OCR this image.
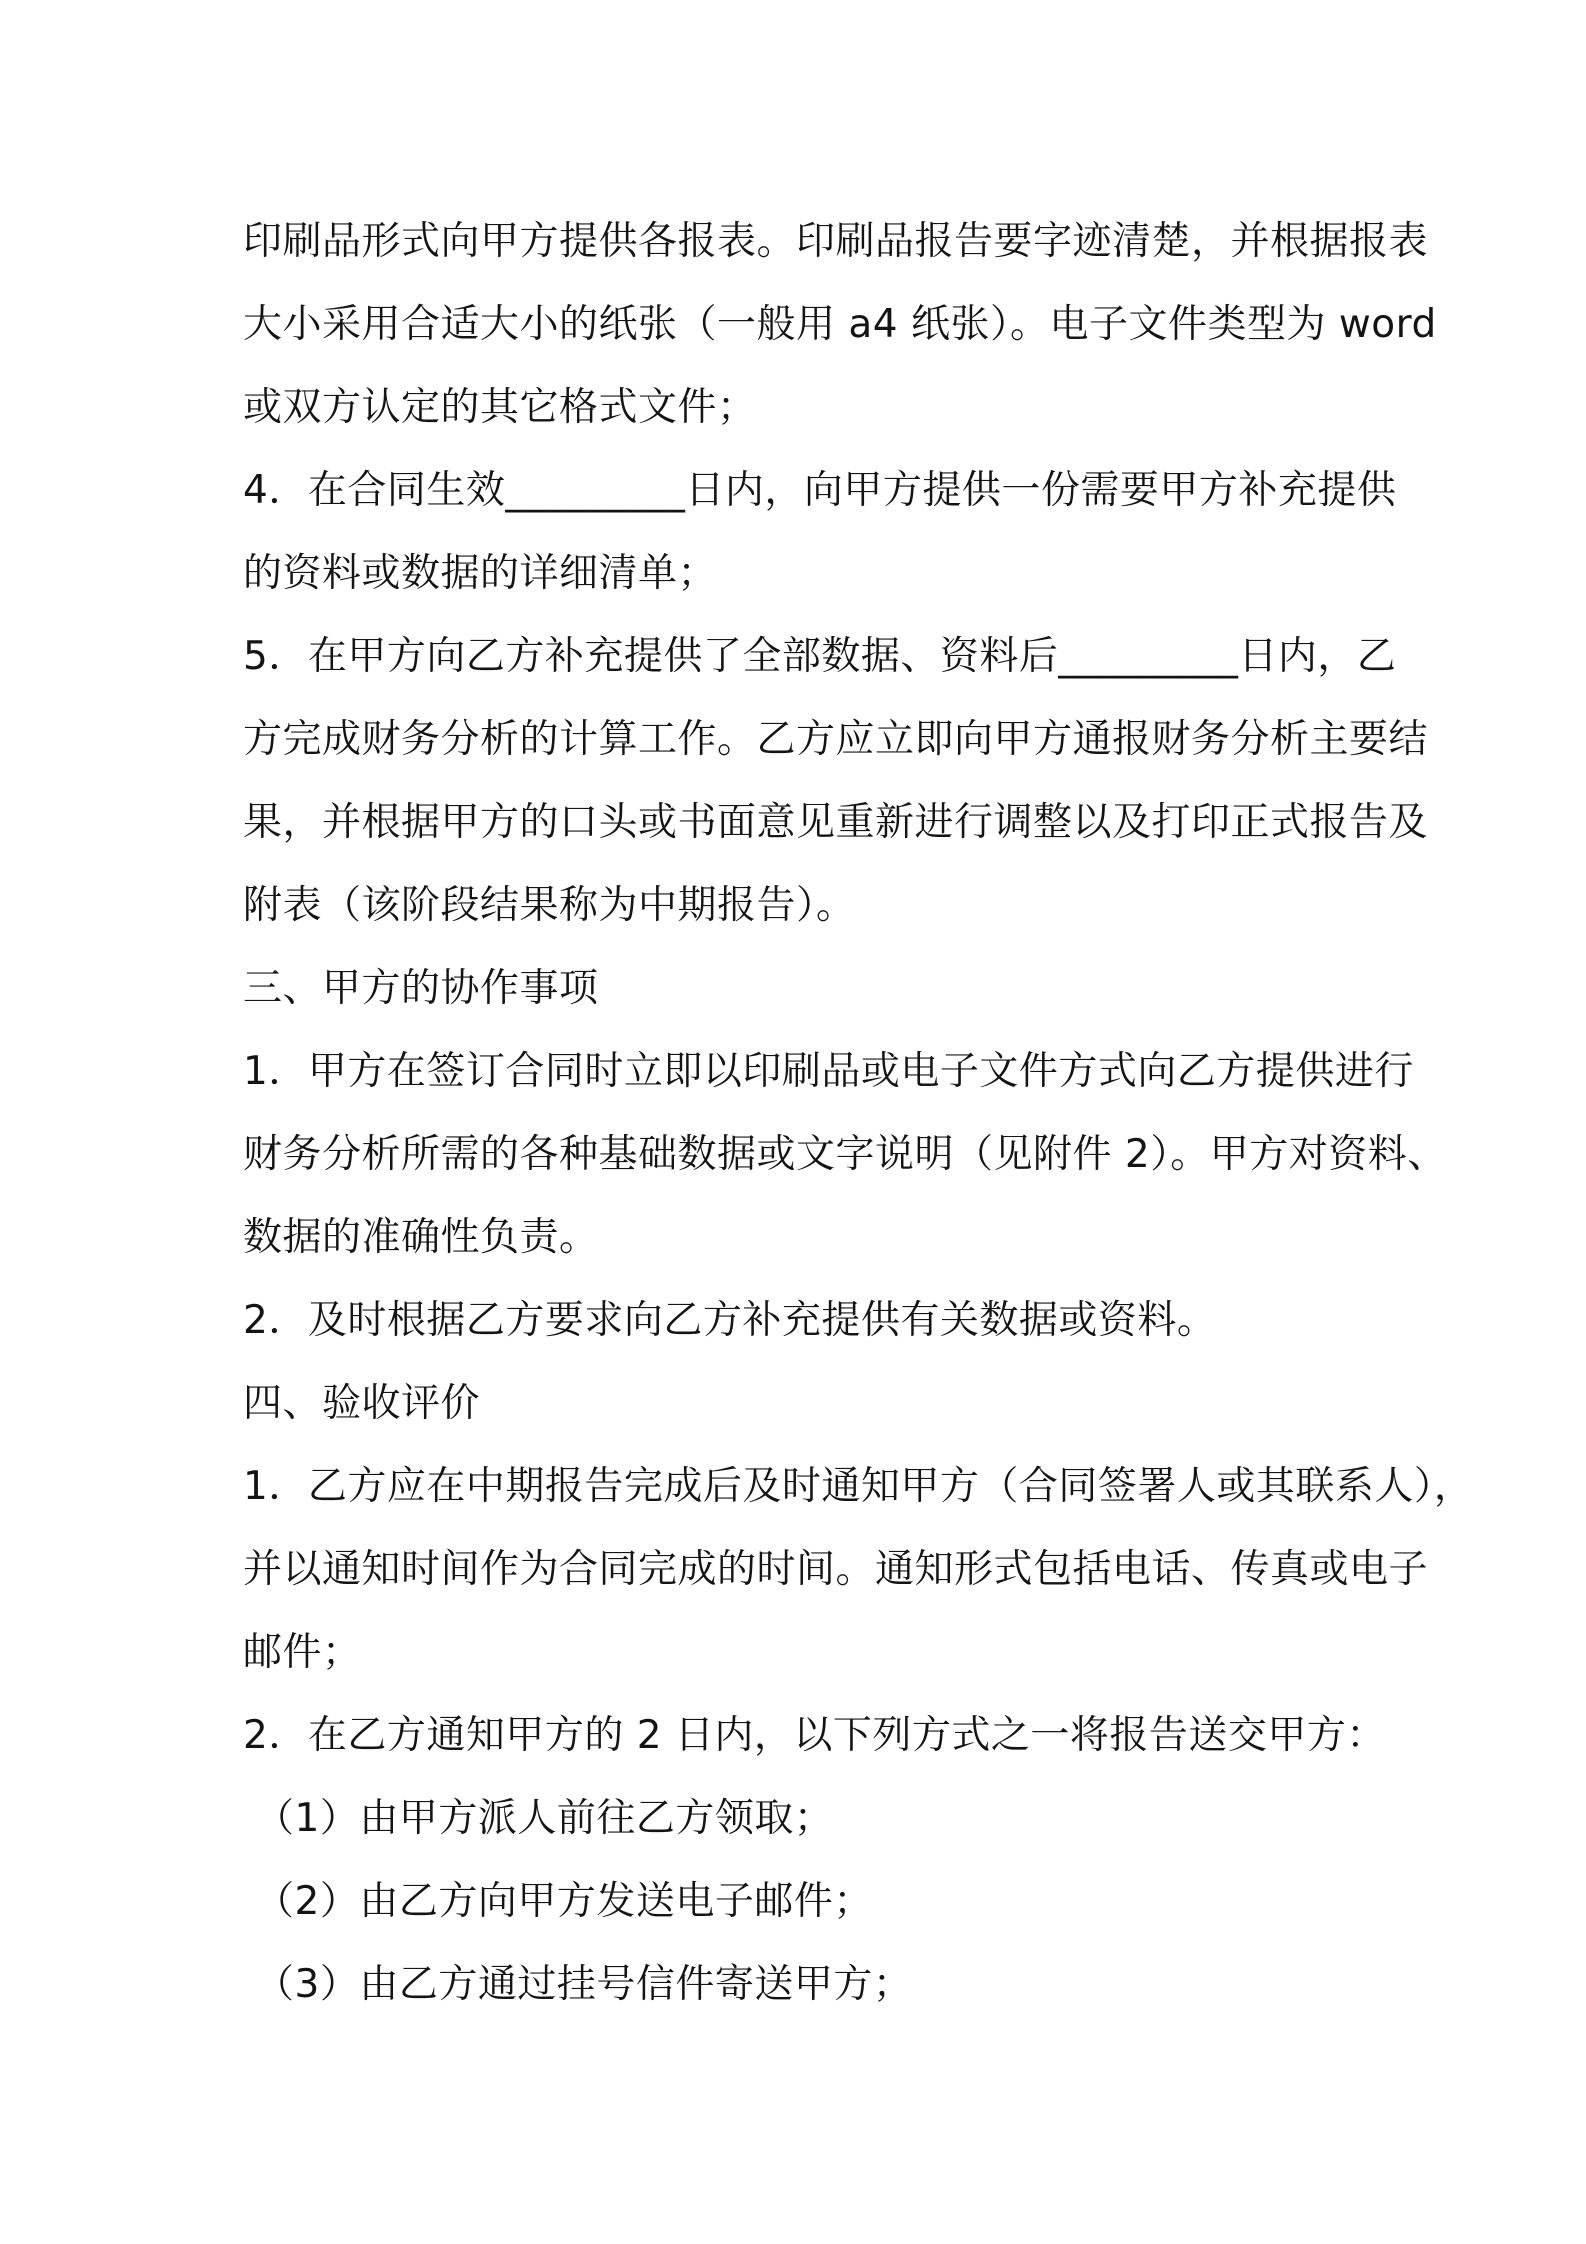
印刷品形式向甲方提供各报表。印刷品报告要字迹清楚，并根据报表
大小采用合适大小的纸张（一般用 a4 纸张）。电子文件类型为 word
或双方认定的其它格式文件；
4．在合同生效_________日内，向甲方提供一份需要甲方补充提供
的资料或数据的详细清单；
5．在甲方向乙方补充提供了全部数据、资料后_________日内，乙
方完成财务分析的计算工作。乙方应立即向甲方通报财务分析主要结
果，并根据甲方的口头或书面意见重新进行调整以及打印正式报告及
附表（该阶段结果称为中期报告）。
三、甲方的协作事项
1．甲方在签订合同时立即以印刷品或电子文件方式向乙方提供进行
财务分析所需的各种基础数据或文字说明（见附件 2）。甲方对资料、
数据的准确性负责。
2．及时根据乙方要求向乙方补充提供有关数据或资料。
四、验收评价
1．乙方应在中期报告完成后及时通知甲方（合同签署人或其联系人），
并以通知时间作为合同完成的时间。通知形式包括电话、传真或电子
邮件；
2．在乙方通知甲方的 2 日内，以下列方式之一将报告送交甲方：
（1）由甲方派人前往乙方领取；
（2）由乙方向甲方发送电子邮件；
（3）由乙方通过挂号信件寄送甲方；
